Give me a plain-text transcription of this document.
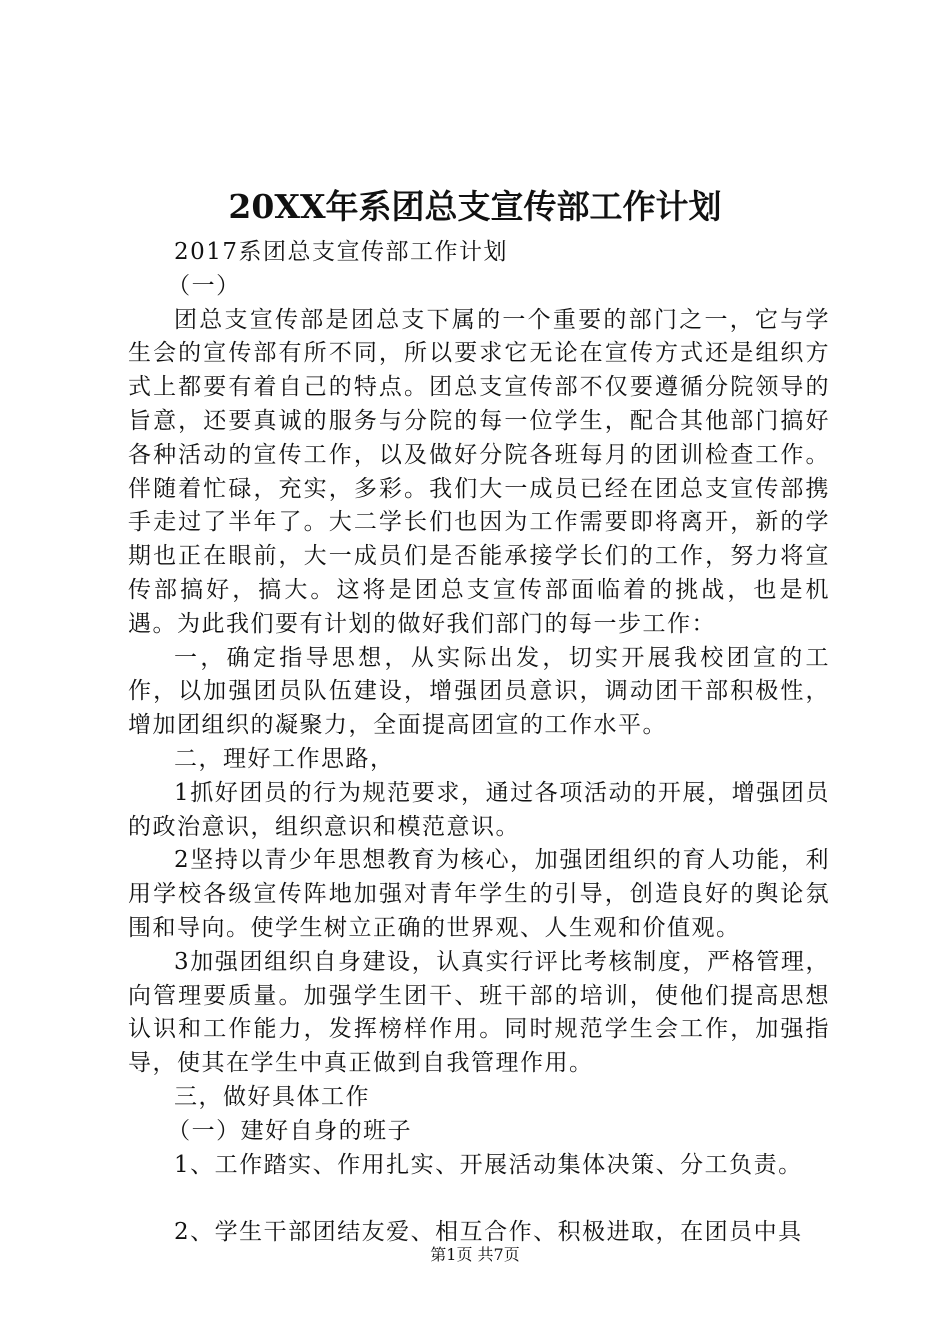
20XX年系团总支宣传部工作计划

2017系团总支宣传部工作计划

（一）

团总支宣传部是团总支下属的一个重要的部门之一，它与学生会的宣传部有所不同，所以要求它无论在宣传方式还是组织方式上都要有着自己的特点。团总支宣传部不仅要遵循分院领导的旨意，还要真诚的服务与分院的每一位学生，配合其他部门搞好各种活动的宣传工作，以及做好分院各班每月的团训检查工作。伴随着忙碌，充实，多彩。我们大一成员已经在团总支宣传部携手走过了半年了。大二学长们也因为工作需要即将离开，新的学期也正在眼前，大一成员们是否能承接学长们的工作，努力将宣传部搞好，搞大。这将是团总支宣传部面临着的挑战，也是机遇。为此我们要有计划的做好我们部门的每一步工作：

一，确定指导思想，从实际出发，切实开展我校团宣的工作，以加强团员队伍建设，增强团员意识，调动团干部积极性，增加团组织的凝聚力，全面提高团宣的工作水平。

二，理好工作思路，

1抓好团员的行为规范要求，通过各项活动的开展，增强团员的政治意识，组织意识和模范意识。

2坚持以青少年思想教育为核心，加强团组织的育人功能，利用学校各级宣传阵地加强对青年学生的引导，创造良好的舆论氛围和导向。使学生树立正确的世界观、人生观和价值观。

3加强团组织自身建设，认真实行评比考核制度，严格管理，向管理要质量。加强学生团干、班干部的培训，使他们提高思想认识和工作能力，发挥榜样作用。同时规范学生会工作，加强指导，使其在学生中真正做到自我管理作用。

三，做好具体工作

（一）建好自身的班子

1、工作踏实、作用扎实、开展活动集体决策、分工负责。

2、学生干部团结友爱、相互合作、积极进取，在团员中具

第1页 共7页
